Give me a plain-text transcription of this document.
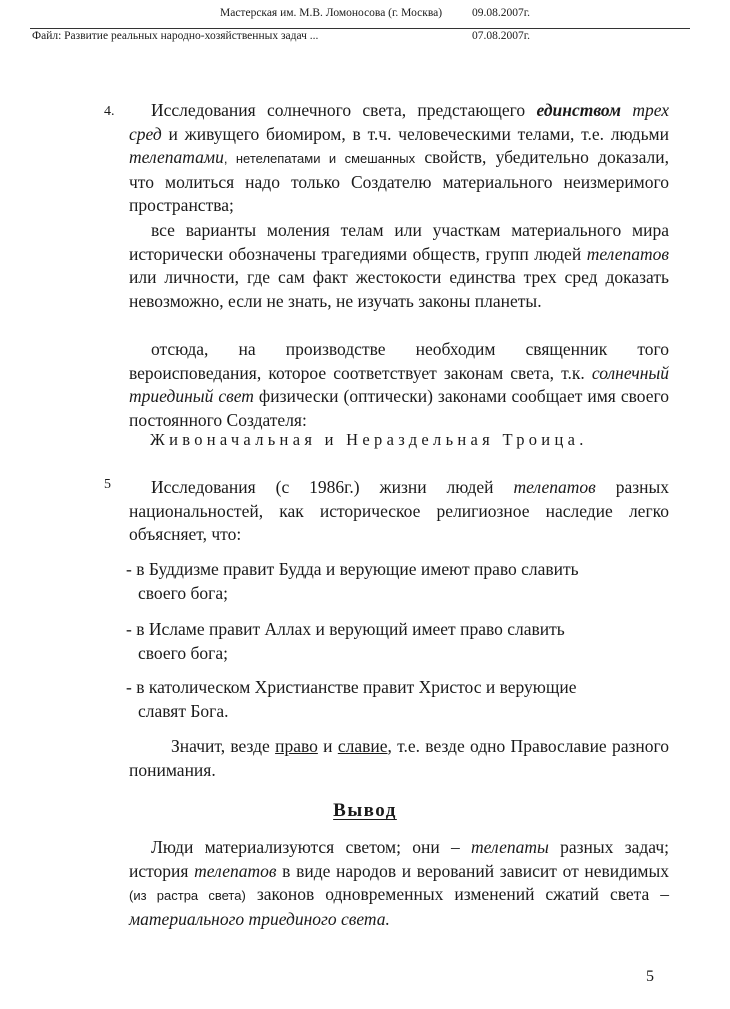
Мастерская им. М.В. Ломоносова (г. Москва)	09.08.2007г.
Файл: Развитие реальных народно-хозяйственных задач ...	07.08.2007г.
4.	Исследования солнечного света, предстающего единством трех сред и живущего биомиром, в т.ч. человеческими телами, т.е. людьми телепатами, нетелепатами и смешанных свойств, убедительно доказали, что молиться надо только Создателю материального неизмеримого пространства;
все варианты моления телам или участкам материального мира исторически обозначены трагедиями обществ, групп людей телепатов или личности, где сам факт жестокости единства трех сред доказать невозможно, если не знать, не изучать законы планеты.
отсюда, на производстве необходим священник того вероисповедания, которое соответствует законам света, т.к. солнечный триединый свет физически (оптически) законами сообщает имя своего постоянного Создателя:
Живоначальная и Нераздельная Троица.
5	Исследования (с 1986г.) жизни людей телепатов разных национальностей, как историческое религиозное наследие легко объясняет, что:
- в Буддизме правит Будда и верующие имеют право славить
своего бога;
- в Исламе правит Аллах и верующий имеет право славить
своего бога;
- в католическом Христианстве правит Христос и верующие
славят Бога.
Значит, везде право и славие, т.е. везде одно Православие разного понимания.
Вывод
Люди материализуются светом; они – телепаты разных задач; история телепатов в виде народов и верований зависит от невидимых (из растра света) законов одновременных изменений сжатий света – материального триединого света.
5
